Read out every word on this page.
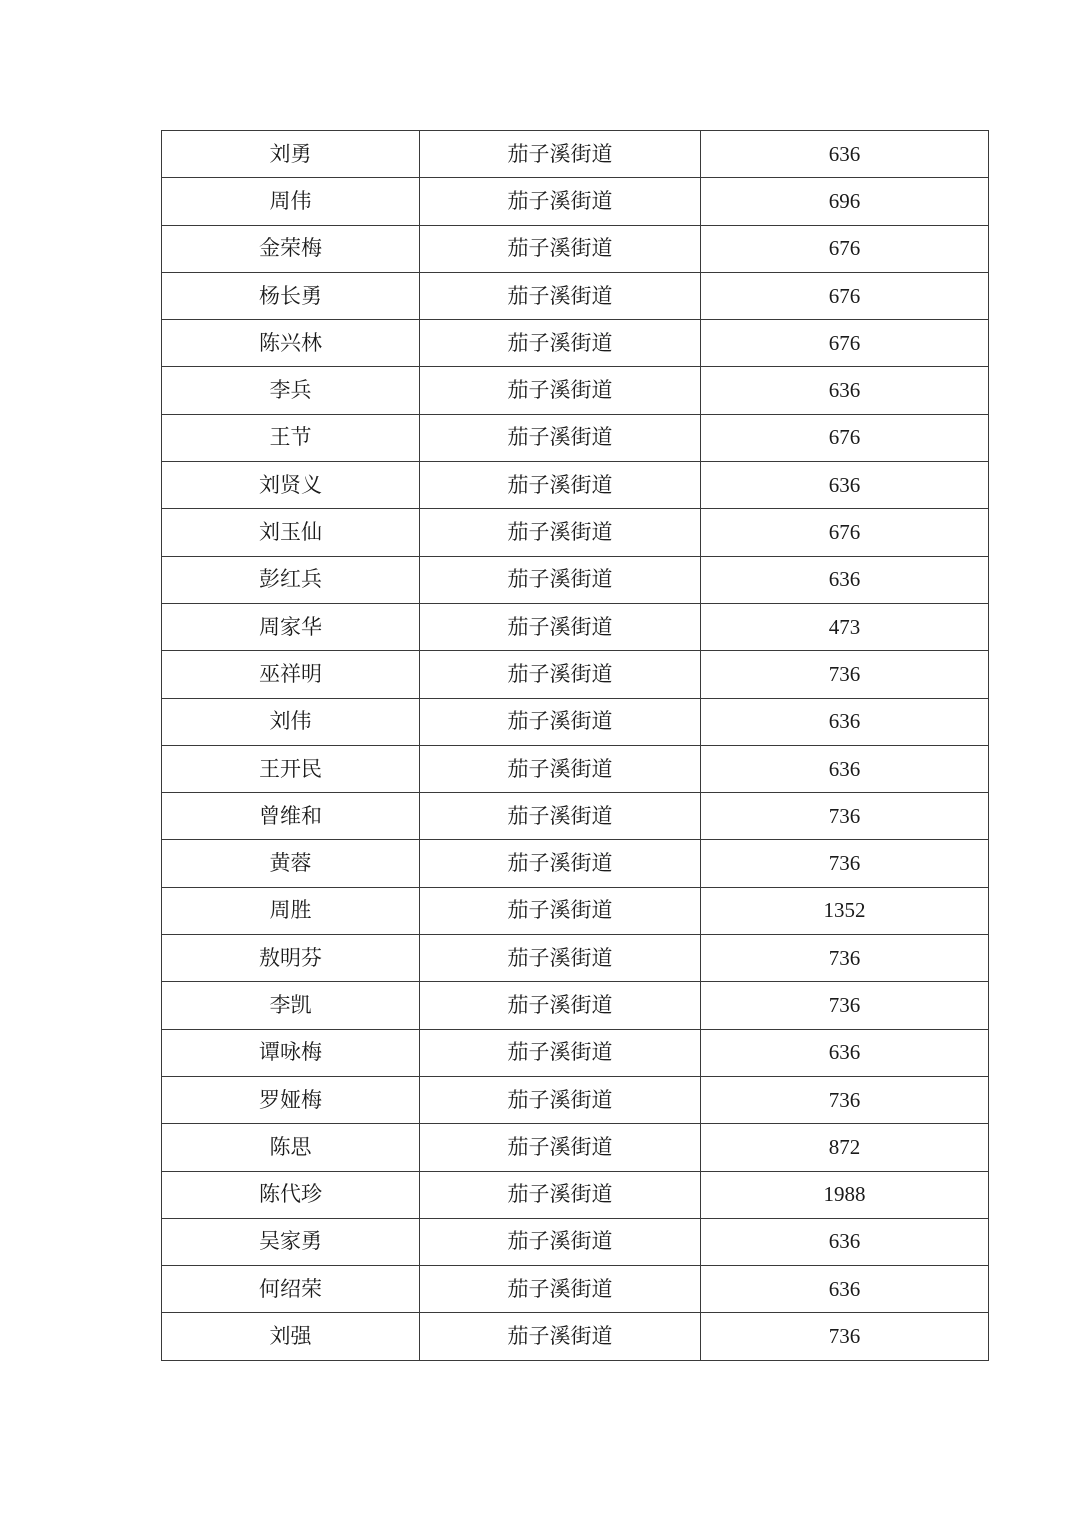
刘勇	茄子溪街道	636
周伟	茄子溪街道	696
金荣梅	茄子溪街道	676
杨长勇	茄子溪街道	676
陈兴林	茄子溪街道	676
李兵	茄子溪街道	636
王节	茄子溪街道	676
刘贤义	茄子溪街道	636
刘玉仙	茄子溪街道	676
彭红兵	茄子溪街道	636
周家华	茄子溪街道	473
巫祥明	茄子溪街道	736
刘伟	茄子溪街道	636
王开民	茄子溪街道	636
曾维和	茄子溪街道	736
黄蓉	茄子溪街道	736
周胜	茄子溪街道	1352
敖明芬	茄子溪街道	736
李凯	茄子溪街道	736
谭咏梅	茄子溪街道	636
罗娅梅	茄子溪街道	736
陈思	茄子溪街道	872
陈代珍	茄子溪街道	1988
吴家勇	茄子溪街道	636
何绍荣	茄子溪街道	636
刘强	茄子溪街道	736
